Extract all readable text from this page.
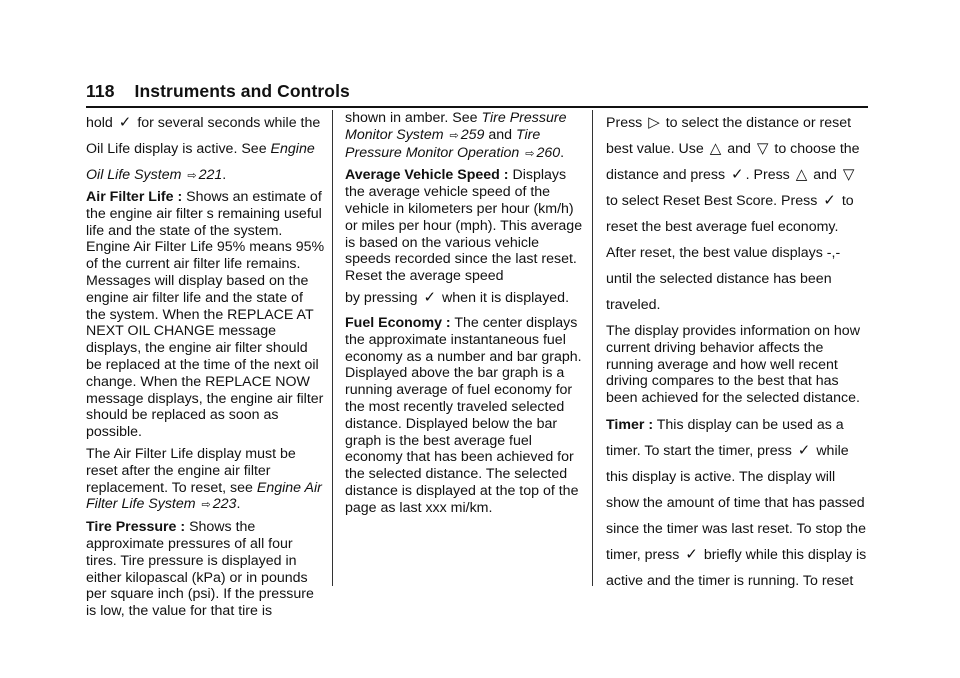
118 Instruments and Controls

hold ✓ for several seconds while the Oil Life display is active. See Engine Oil Life System ⇨ 221.

Air Filter Life : Shows an estimate of the engine air filter s remaining useful life and the state of the system. Engine Air Filter Life 95% means 95% of the current air filter life remains. Messages will display based on the engine air filter life and the state of the system. When the REPLACE AT NEXT OIL CHANGE message displays, the engine air filter should be replaced at the time of the next oil change. When the REPLACE NOW message displays, the engine air filter should be replaced as soon as possible.

The Air Filter Life display must be reset after the engine air filter replacement. To reset, see Engine Air Filter Life System ⇨ 223.

Tire Pressure : Shows the approximate pressures of all four tires. Tire pressure is displayed in either kilopascal (kPa) or in pounds per square inch (psi). If the pressure is low, the value for that tire is

shown in amber. See Tire Pressure Monitor System ⇨ 259 and Tire Pressure Monitor Operation ⇨ 260.

Average Vehicle Speed : Displays the average vehicle speed of the vehicle in kilometers per hour (km/h) or miles per hour (mph). This average is based on the various vehicle speeds recorded since the last reset. Reset the average speed

by pressing ✓ when it is displayed.

Fuel Economy : The center displays the approximate instantaneous fuel economy as a number and bar graph. Displayed above the bar graph is a running average of fuel economy for the most recently traveled selected distance. Displayed below the bar graph is the best average fuel economy that has been achieved for the selected distance. The selected distance is displayed at the top of the page as last xxx mi/km.

Press ▷ to select the distance or reset best value. Use △ and ▽ to choose the distance and press ✓ . Press △ and ▽ to select Reset Best Score. Press ✓ to reset the best average fuel economy. After reset, the best value displays -,- until the selected distance has been traveled.

The display provides information on how current driving behavior affects the running average and how well recent driving compares to the best that has been achieved for the selected distance.

Timer : This display can be used as a timer. To start the timer, press ✓ while this display is active. The display will show the amount of time that has passed since the timer was last reset. To stop the timer, press ✓ briefly while this display is active and the timer is running. To reset
